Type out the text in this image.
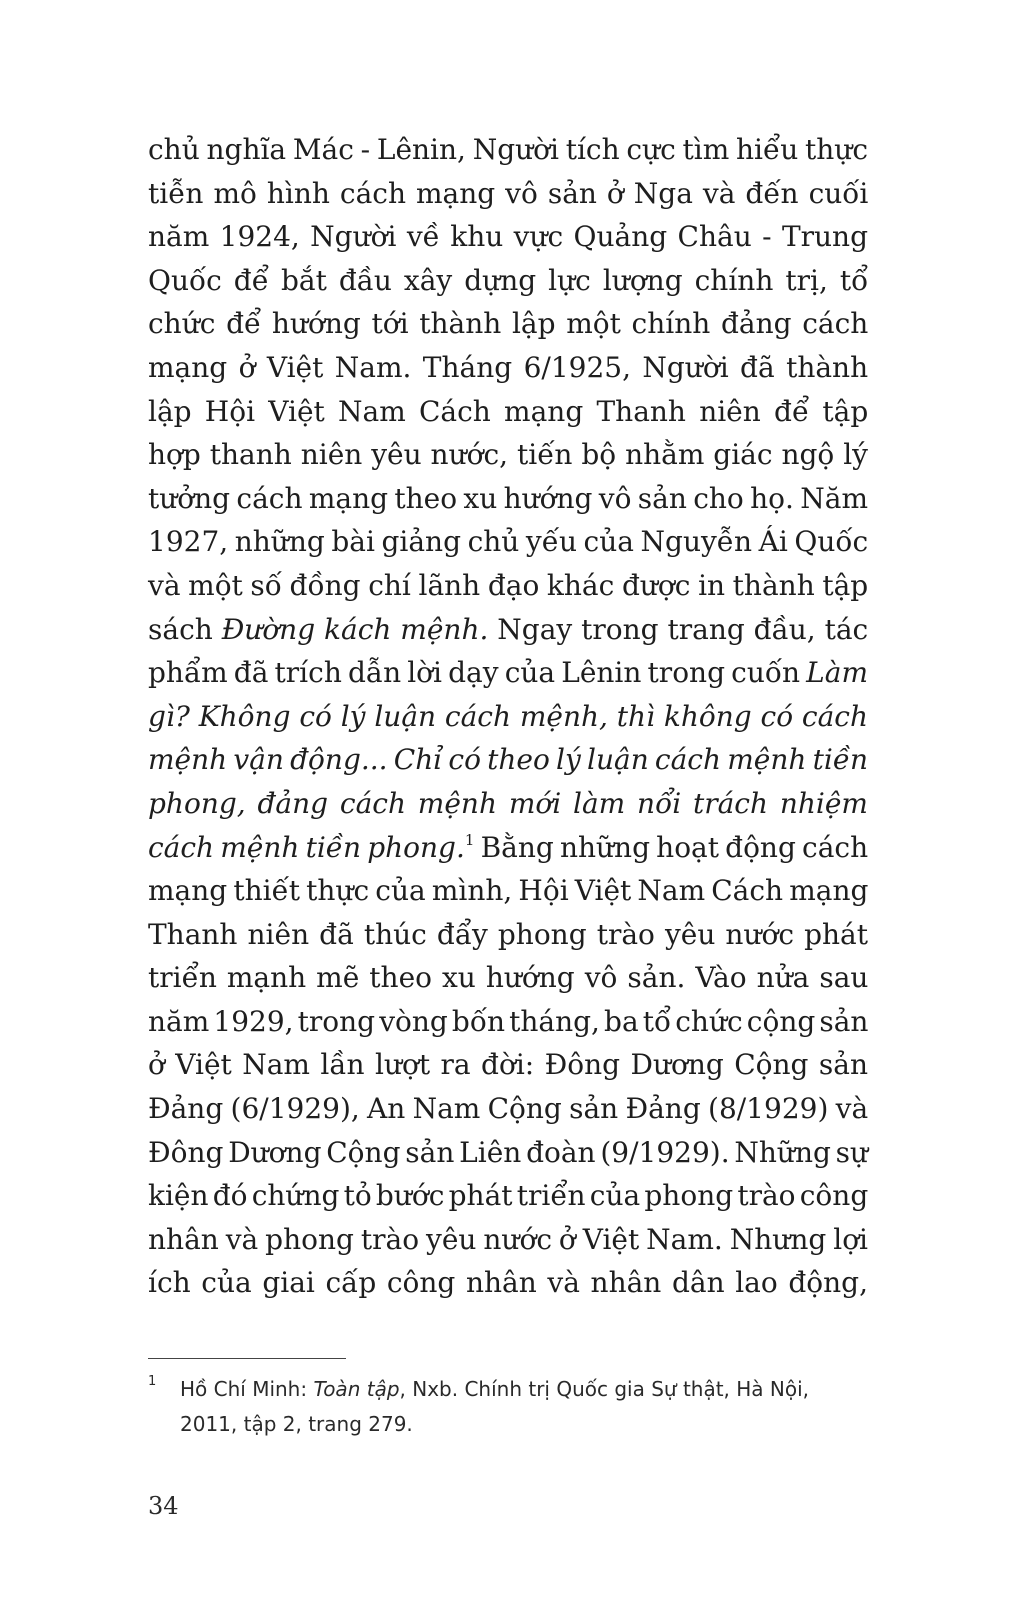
chủ nghĩa Mác - Lênin, Người tích cực tìm hiểu thực
tiễn mô hình cách mạng vô sản ở Nga và đến cuối
năm 1924, Người về khu vực Quảng Châu - Trung
Quốc để bắt đầu xây dựng lực lượng chính trị, tổ
chức để hướng tới thành lập một chính đảng cách
mạng ở Việt Nam. Tháng 6/1925, Người đã thành
lập Hội Việt Nam Cách mạng Thanh niên để tập
hợp thanh niên yêu nước, tiến bộ nhằm giác ngộ lý
tưởng cách mạng theo xu hướng vô sản cho họ. Năm
1927, những bài giảng chủ yếu của Nguyễn Ái Quốc
và một số đồng chí lãnh đạo khác được in thành tập
sách Đường kách mệnh. Ngay trong trang đầu, tác
phẩm đã trích dẫn lời dạy của Lênin trong cuốn Làm
gì? Không có lý luận cách mệnh, thì không có cách
mệnh vận động... Chỉ có theo lý luận cách mệnh tiền
phong, đảng cách mệnh mới làm nổi trách nhiệm
cách mệnh tiền phong.$^1$ Bằng những hoạt động cách
mạng thiết thực của mình, Hội Việt Nam Cách mạng
Thanh niên đã thúc đẩy phong trào yêu nước phát
triển mạnh mẽ theo xu hướng vô sản. Vào nửa sau
năm 1929, trong vòng bốn tháng, ba tổ chức cộng sản
ở Việt Nam lần lượt ra đời: Đông Dương Cộng sản
Đảng (6/1929), An Nam Cộng sản Đảng (8/1929) và
Đông Dương Cộng sản Liên đoàn (9/1929). Những sự
kiện đó chứng tỏ bước phát triển của phong trào công
nhân và phong trào yêu nước ở Việt Nam. Nhưng lợi
ích của giai cấp công nhân và nhân dân lao động,
1 Hồ Chí Minh: Toàn tập, Nxb. Chính trị Quốc gia Sự thật, Hà Nội,
2011, tập 2, trang 279.
34
